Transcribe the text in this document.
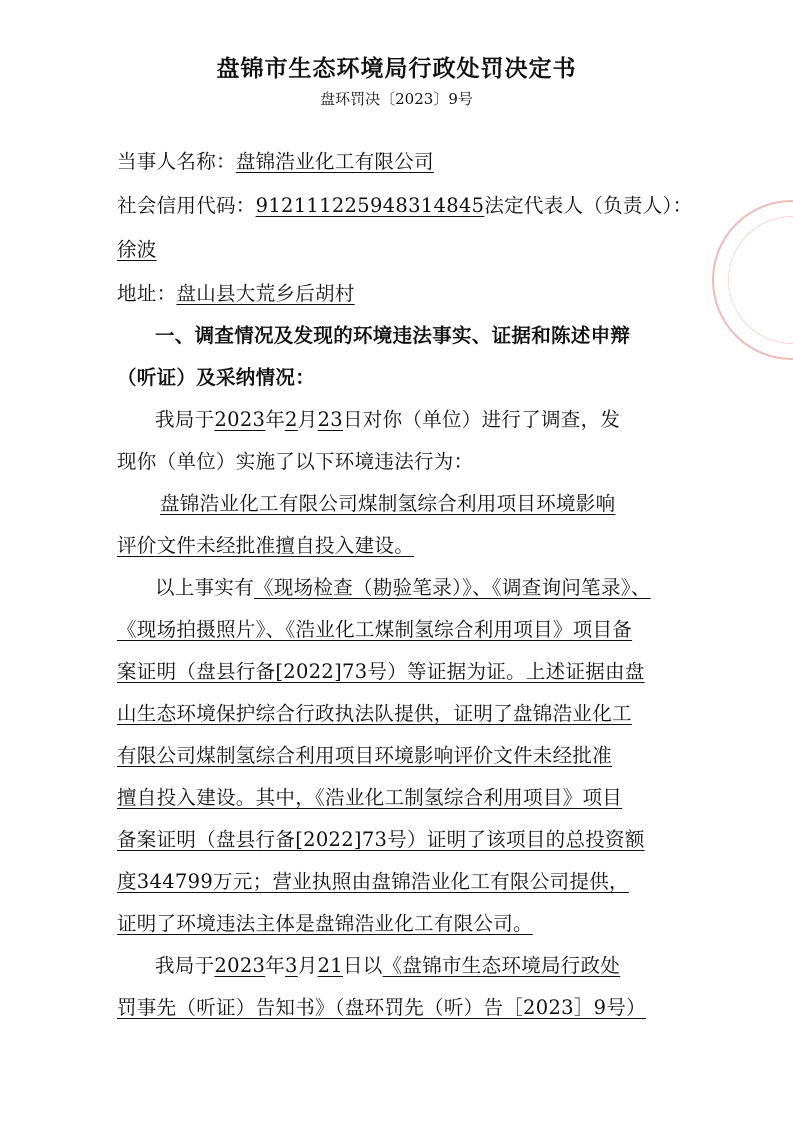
盘锦市生态环境局行政处罚决定书
盘环罚决〔2023〕9号
当事人名称：盘锦浩业化工有限公司
社会信用代码：912111225948314845法定代表人（负责人）：
徐波
地址：盘山县大荒乡后胡村
一、调查情况及发现的环境违法事实、证据和陈述申辩
（听证）及采纳情况：
我局于2023年2月23日对你（单位）进行了调查，发
现你（单位）实施了以下环境违法行为：
盘锦浩业化工有限公司煤制氢综合利用项目环境影响
评价文件未经批准擅自投入建设。
以上事实有《现场检查（勘验笔录）》、《调查询问笔录》、
《现场拍摄照片》、《浩业化工煤制氢综合利用项目》项目备
案证明（盘县行备[2022]73号）等证据为证。上述证据由盘
山生态环境保护综合行政执法队提供，证明了盘锦浩业化工
有限公司煤制氢综合利用项目环境影响评价文件未经批准
擅自投入建设。其中，《浩业化工制氢综合利用项目》项目
备案证明（盘县行备[2022]73号）证明了该项目的总投资额
度344799万元；营业执照由盘锦浩业化工有限公司提供，
证明了环境违法主体是盘锦浩业化工有限公司。
我局于2023年3月21日以《盘锦市生态环境局行政处
罚事先（听证）告知书》（盘环罚先（听）告［2023］9号）
